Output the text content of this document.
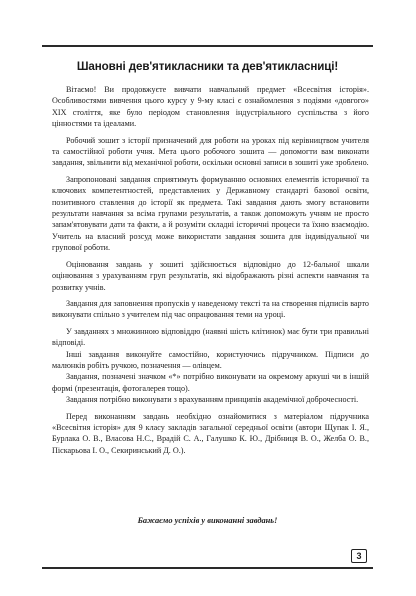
Шановні дев'ятикласники та дев'ятикласниці!

Вітаємо! Ви продовжуєте вивчати навчальний предмет «Всесвітня історія». Особливостями вивчення цього курсу у 9-му класі є ознайомлення з подіями «довгого» XIX століття, яке було періодом становлення індустріального суспільства з його цінностями та ідеалами.

Робочий зошит з історії призначений для роботи на уроках під керівництвом учителя та самостійної роботи учня. Мета цього робочого зошита — допомогти вам виконати завдання, звільнити від механічної роботи, оскільки основні записи в зошиті уже зроблено.

Запропоновані завдання сприятимуть формуванню основних елементів історичної та ключових компетентностей, представлених у Державному стандарті базової освіти, позитивного ставлення до історії як предмета. Такі завдання дають змогу встановити результати навчання за всіма групами результатів, а також допоможуть учням не просто запам'ятовувати дати та факти, а й розуміти складні історичні процеси та їхню взаємодію. Учитель на власний розсуд може використати завдання зошита для індивідуальної чи групової роботи.

Оцінювання завдань у зошиті здійснюється відповідно до 12-бальної шкали оцінювання з урахуванням груп результатів, які відображають різні аспекти навчання та розвитку учнів.

Завдання для заповнення пропусків у наведеному тексті та на створення підписів варто виконувати спільно з учителем під час опрацювання теми на уроці.

У завданнях з множинною відповіддю (наявні шість клітинок) має бути три правильні відповіді.

Інші завдання виконуйте самостійно, користуючись підручником. Підписи до малюнків робіть ручкою, позначення — олівцем.

Завдання, позначені значком «*» потрібно виконувати на окремому аркуші чи в іншій формі (презентація, фотогалерея тощо).

Завдання потрібно виконувати з врахуванням принципів академічної доброчесності.

Перед виконанням завдань необхідно ознайомитися з матеріалом підручника «Всесвітня історія» для 9 класу закладів загальної середньої освіти (автори Щупак І. Я., Бурлака О. В., Власова Н.С., Врадій С. А., Галушко К. Ю., Дрібниця В. О., Желба О. В., Піскарьова І. О., Секиринський Д. О.).

Бажаємо успіхів у виконанні завдань!
3
